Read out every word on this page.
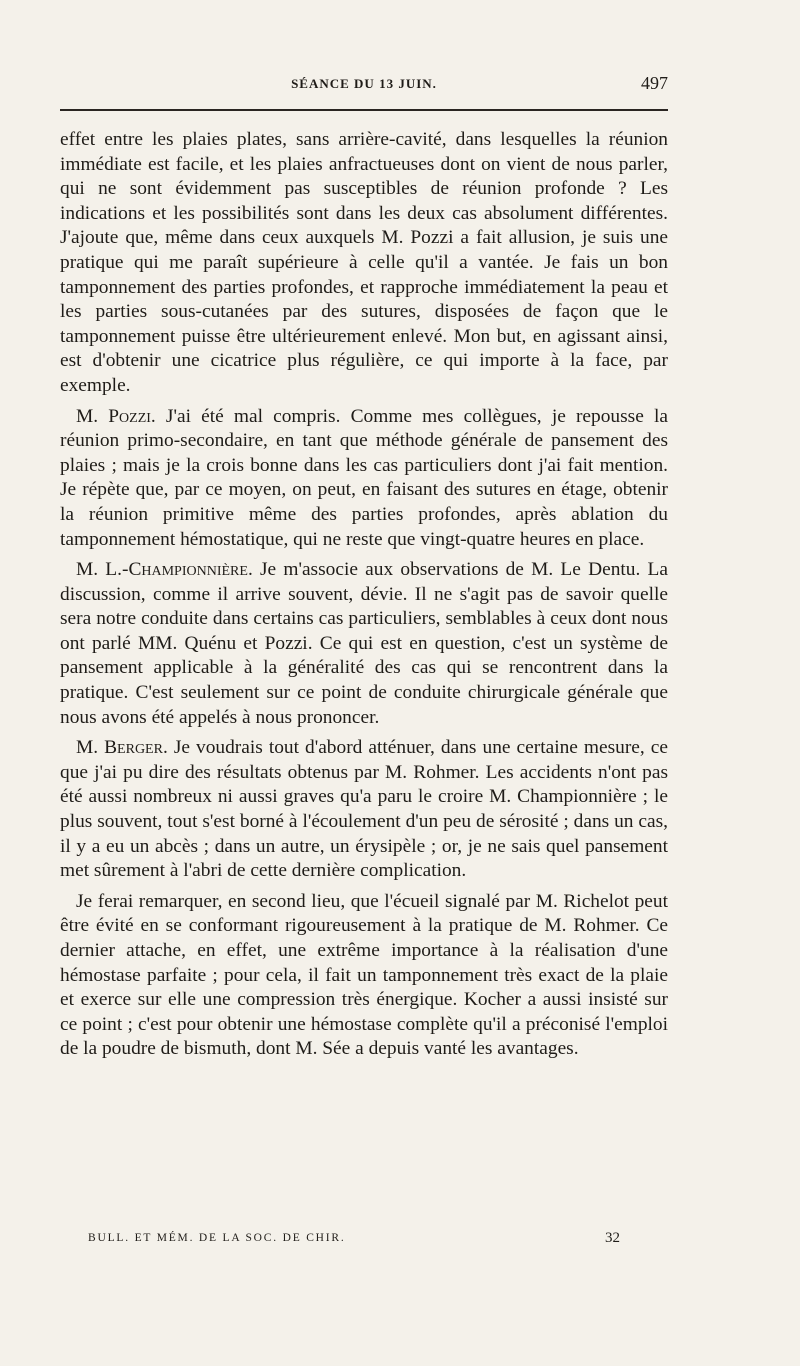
SÉANCE DU 13 JUIN.	497

effet entre les plaies plates, sans arrière-cavité, dans lesquelles la réunion immédiate est facile, et les plaies anfractueuses dont on vient de nous parler, qui ne sont évidemment pas susceptibles de réunion profonde ? Les indications et les possibilités sont dans les deux cas absolument différentes. J'ajoute que, même dans ceux auxquels M. Pozzi a fait allusion, je suis une pratique qui me paraît supérieure à celle qu'il a vantée. Je fais un bon tamponnement des parties profondes, et rapproche immédiatement la peau et les parties sous-cutanées par des sutures, disposées de façon que le tamponnement puisse être ultérieurement enlevé. Mon but, en agissant ainsi, est d'obtenir une cicatrice plus régulière, ce qui importe à la face, par exemple.

M. Pozzi. J'ai été mal compris. Comme mes collègues, je repousse la réunion primo-secondaire, en tant que méthode générale de pansement des plaies ; mais je la crois bonne dans les cas particuliers dont j'ai fait mention. Je répète que, par ce moyen, on peut, en faisant des sutures en étage, obtenir la réunion primitive même des parties profondes, après ablation du tamponnement hémostatique, qui ne reste que vingt-quatre heures en place.

M. L.-Championnière. Je m'associe aux observations de M. Le Dentu. La discussion, comme il arrive souvent, dévie. Il ne s'agit pas de savoir quelle sera notre conduite dans certains cas particuliers, semblables à ceux dont nous ont parlé MM. Quénu et Pozzi. Ce qui est en question, c'est un système de pansement applicable à la généralité des cas qui se rencontrent dans la pratique. C'est seulement sur ce point de conduite chirurgicale générale que nous avons été appelés à nous prononcer.

M. Berger. Je voudrais tout d'abord atténuer, dans une certaine mesure, ce que j'ai pu dire des résultats obtenus par M. Rohmer. Les accidents n'ont pas été aussi nombreux ni aussi graves qu'a paru le croire M. Championnière ; le plus souvent, tout s'est borné à l'écoulement d'un peu de sérosité ; dans un cas, il y a eu un abcès ; dans un autre, un érysipèle ; or, je ne sais quel pansement met sûrement à l'abri de cette dernière complication.

Je ferai remarquer, en second lieu, que l'écueil signalé par M. Richelot peut être évité en se conformant rigoureusement à la pratique de M. Rohmer. Ce dernier attache, en effet, une extrême importance à la réalisation d'une hémostase parfaite ; pour cela, il fait un tamponnement très exact de la plaie et exerce sur elle une compression très énergique. Kocher a aussi insisté sur ce point ; c'est pour obtenir une hémostase complète qu'il a préconisé l'emploi de la poudre de bismuth, dont M. Sée a depuis vanté les avantages.

BULL. ET MÉM. DE LA SOC. DE CHIR.	32
